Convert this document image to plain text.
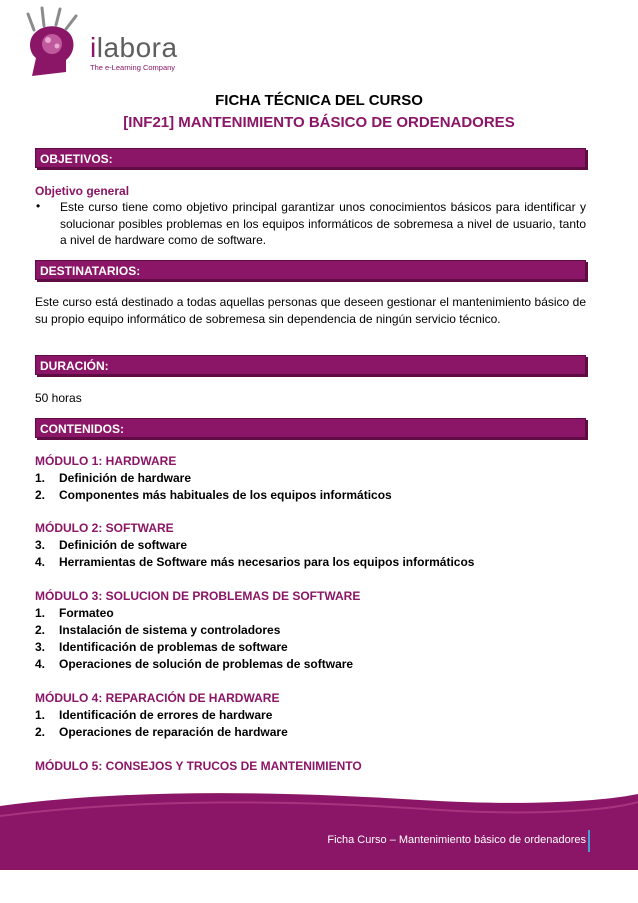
ilabora
The e-Learning Company
FICHA TÉCNICA DEL CURSO
[INF21] MANTENIMIENTO BÁSICO DE ORDENADORES
OBJETIVOS:
Objetivo general
• Este curso tiene como objetivo principal garantizar unos conocimientos básicos para identificar y solucionar posibles problemas en los equipos informáticos de sobremesa a nivel de usuario, tanto a nivel de hardware como de software.
DESTINATARIOS:
Este curso está destinado a todas aquellas personas que deseen gestionar el mantenimiento básico de su propio equipo informático de sobremesa sin dependencia de ningún servicio técnico.
DURACIÓN:
50 horas
CONTENIDOS:
MÓDULO 1: HARDWARE
1. Definición de hardware
2. Componentes más habituales de los equipos informáticos
MÓDULO 2: SOFTWARE
3. Definición de software
4. Herramientas de Software más necesarios para los equipos informáticos
MÓDULO 3: SOLUCION DE PROBLEMAS DE SOFTWARE
1. Formateo
2. Instalación de sistema y controladores
3. Identificación de problemas de software
4. Operaciones de solución de problemas de software
MÓDULO 4: REPARACIÓN DE HARDWARE
1. Identificación de errores de hardware
2. Operaciones de reparación de hardware
MÓDULO 5: CONSEJOS Y TRUCOS DE MANTENIMIENTO
Ficha Curso – Mantenimiento básico de ordenadores 1
